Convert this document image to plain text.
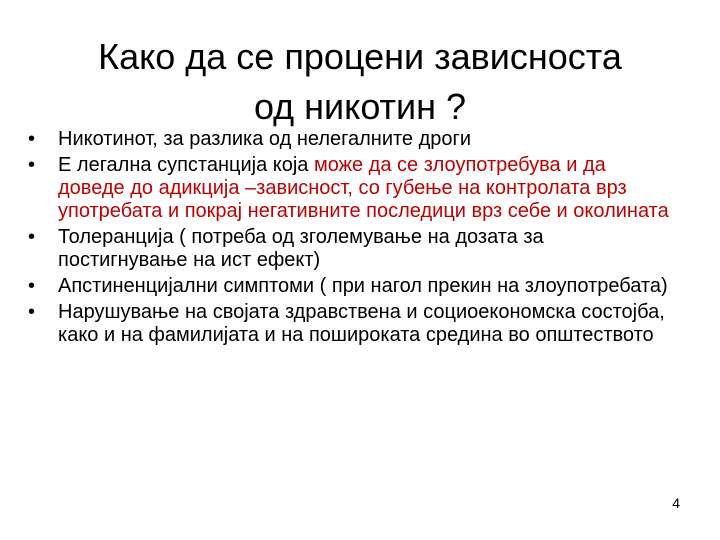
Како да се процени зависноста
од никотин ?
• Никотинот, за разлика од нелегалните дроги
• Е легална супстанција која може да се злоупотребува и да доведе до адикција –зависност, со губење на контролата врз употребата и покрај негативните последици врз себе и околината
• Толеранција ( потреба од зголемување на дозата за постигнување на ист ефект)
• Апстиненцијални симптоми ( при нагол прекин на злоупотребата)
• Нарушување на својата здравствена и социоекономска состојба, како и на фамилијата и на пошироката средина во општеството
4
